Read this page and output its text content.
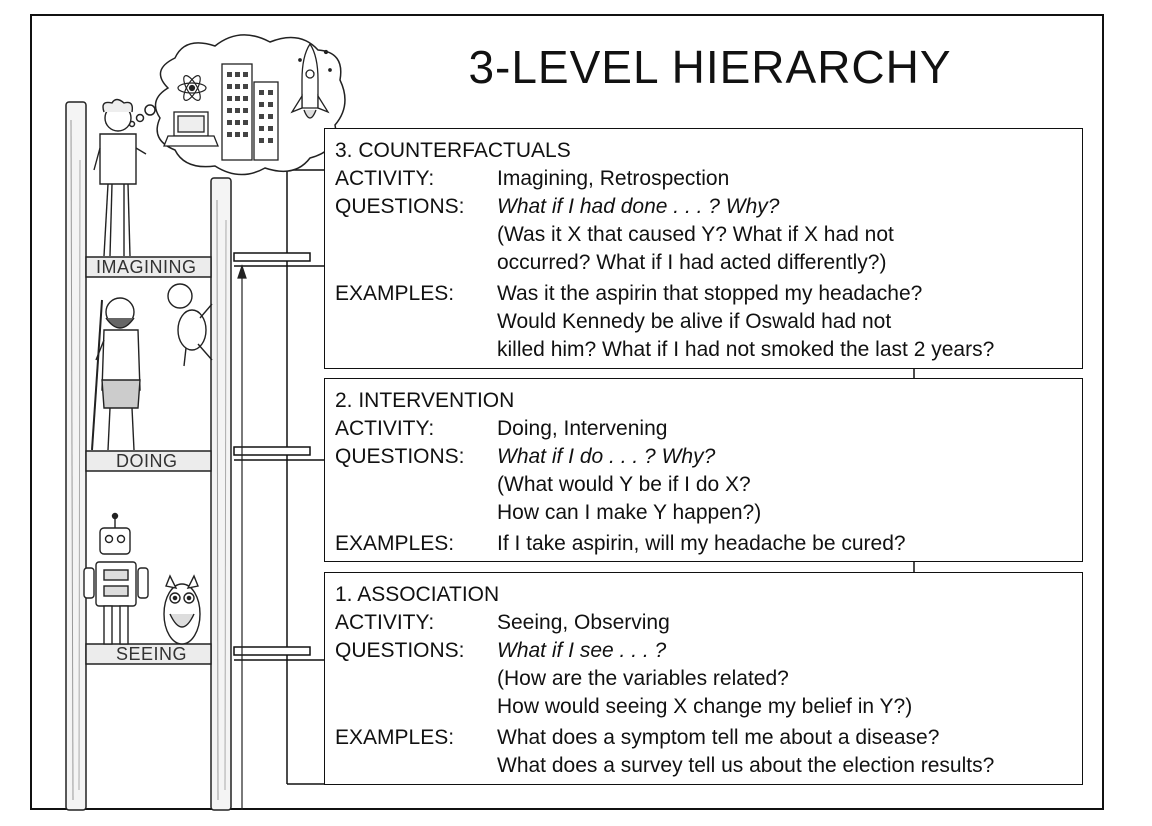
3-LEVEL HIERARCHY
IMAGINING
DOING
SEEING
3. COUNTERFACTUALS
ACTIVITY:	Imagining, Retrospection
QUESTIONS: What if I had done . . . ? Why?
(Was it X that caused Y? What if X had not
occurred? What if I had acted differently?)
EXAMPLES: Was it the aspirin that stopped my headache?
Would Kennedy be alive if Oswald had not
killed him? What if I had not smoked the last 2 years?
2. INTERVENTION
ACTIVITY:	Doing, Intervening
QUESTIONS: What if I do . . . ? Why?
(What would Y be if I do X?
How can I make Y happen?)
EXAMPLES: If I take aspirin, will my headache be cured?
1. ASSOCIATION
ACTIVITY:	Seeing, Observing
QUESTIONS: What if I see . . . ?
(How are the variables related?
How would seeing X change my belief in Y?)
EXAMPLES: What does a symptom tell me about a disease?
What does a survey tell us about the election results?
